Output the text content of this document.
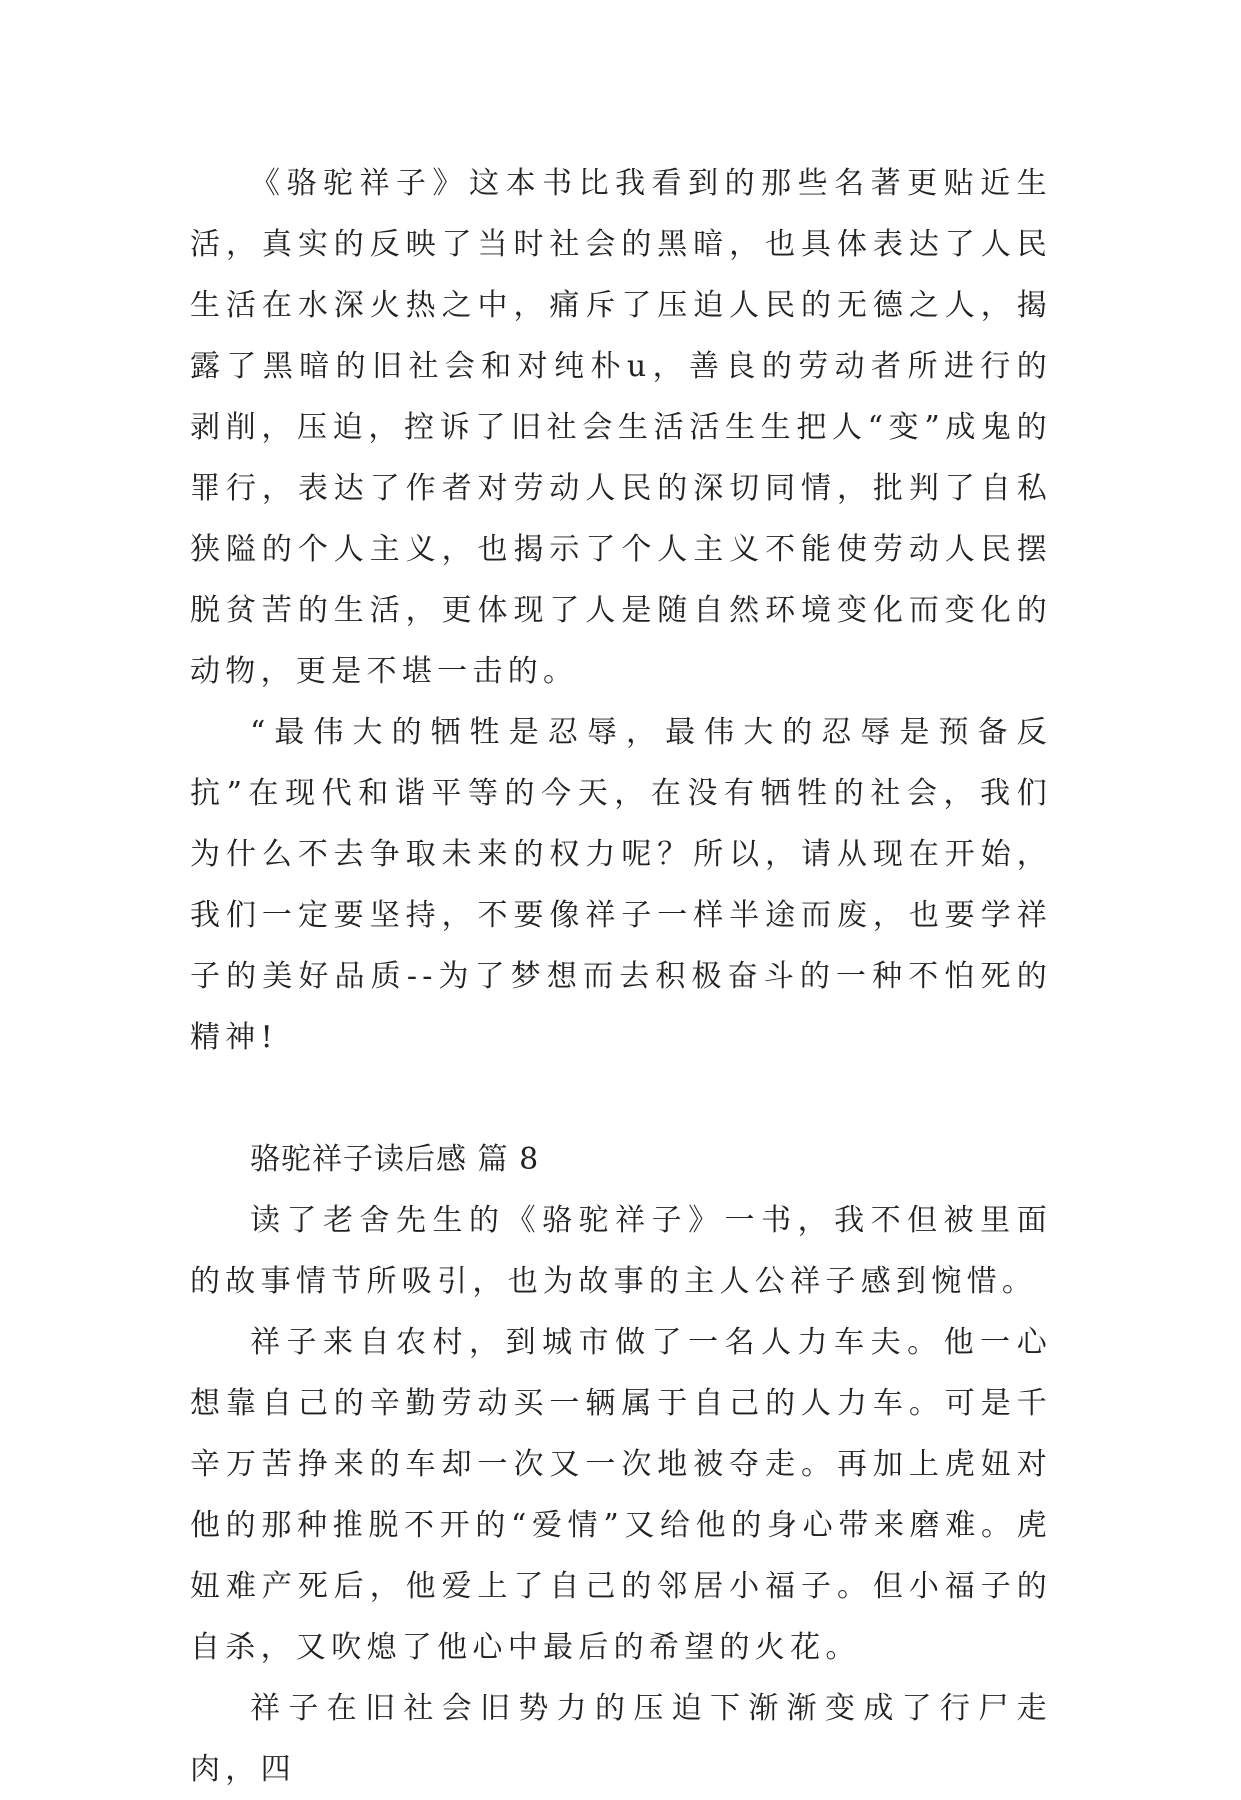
《骆驼祥子》这本书比我看到的那些名著更贴近生活，真实的反映了当时社会的黑暗，也具体表达了人民生活在水深火热之中，痛斥了压迫人民的无德之人，揭露了黑暗的旧社会和对纯朴u，善良的劳动者所进行的剥削，压迫，控诉了旧社会生活活生生把人“变”成鬼的罪行，表达了作者对劳动人民的深切同情，批判了自私狭隘的个人主义，也揭示了个人主义不能使劳动人民摆脱贫苦的生活，更体现了人是随自然环境变化而变化的动物，更是不堪一击的。

“最伟大的牺牲是忍辱，最伟大的忍辱是预备反抗”在现代和谐平等的今天，在没有牺牲的社会，我们为什么不去争取未来的权力呢？所以，请从现在开始，我们一定要坚持，不要像祥子一样半途而废，也要学祥子的美好品质--为了梦想而去积极奋斗的一种不怕死的精神!

骆驼祥子读后感 篇 8

读了老舍先生的《骆驼祥子》一书，我不但被里面的故事情节所吸引，也为故事的主人公祥子感到惋惜。

祥子来自农村，到城市做了一名人力车夫。他一心想靠自己的辛勤劳动买一辆属于自己的人力车。可是千辛万苦挣来的车却一次又一次地被夺走。再加上虎妞对他的那种推脱不开的“爱情”又给他的身心带来磨难。虎妞难产死后，他爱上了自己的邻居小福子。但小福子的自杀，又吹熄了他心中最后的希望的火花。

祥子在旧社会旧势力的压迫下渐渐变成了行尸走肉，四
